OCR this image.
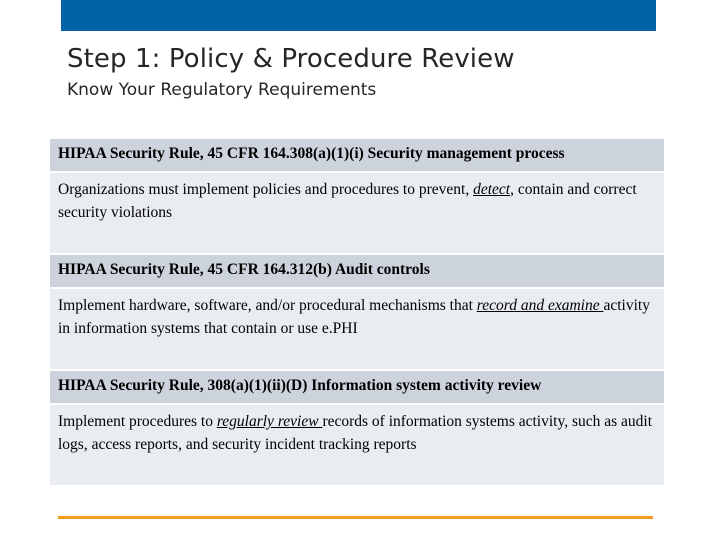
Step 1: Policy & Procedure Review
Know Your Regulatory Requirements
HIPAA Security Rule, 45 CFR 164.308(a)(1)(i) Security management process
Organizations must implement policies and procedures to prevent, detect, contain and correct security violations
HIPAA Security Rule, 45 CFR 164.312(b) Audit controls
Implement hardware, software, and/or procedural mechanisms that record and examine activity in information systems that contain or use e.PHI
HIPAA Security Rule, 308(a)(1)(ii)(D) Information system activity review
Implement procedures to regularly review records of information systems activity, such as audit logs, access reports, and security incident tracking reports
